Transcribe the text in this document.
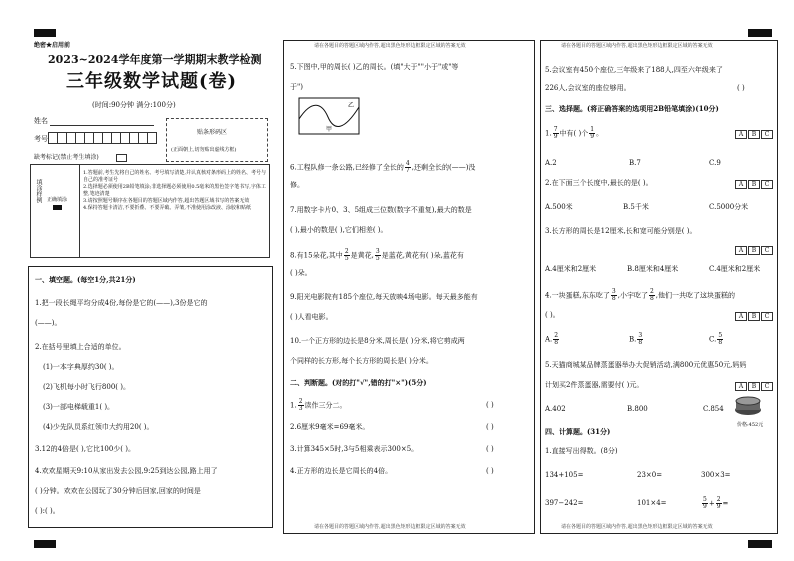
绝密★启用前
2023~2024学年度第一学期期末教学检测
三年级数学试题(卷)
(时间:90分钟 满分:100分)
姓名
考号
缺考标记(禁止考生填涂)
贴条形码区
(正面朝上,切勿贴出虚线方框)
填涂样例 正确填涂
1.答题前,考生先将自己的姓名、考号填写清楚,并认真核对条形码上的姓名、考号与自己的准考证号
2.选择题必须使用2B铅笔填涂;非选择题必须使用0.5毫米的黑色签字笔书写,字体工整,笔迹清楚
3.请按照题号顺序在各题目的答题区域内作答,超出答题区域书写的答案无效
4.保持答题卡清洁,不要折叠、不要弄破、弄皱,不准使用涂改液、涂胶和贴纸
一、填空题。(每空1分,共21分)
1.把一段长绳平均分成4份,每份是它的(——),3份是它的
(——)。
2.在括号里填上合适的单位。
(1)一本字典厚约30( )。
(2)飞机每小时飞行800( )。
(3)一部电梯载重1( )。
(4)少先队员系红领巾大约用20( )。
3.12的4倍是( ),它比100少( )。
4.欢欢星期天9:10从家出发去公园,9:25到达公园,路上用了
( )分钟。欢欢在公园玩了30分钟后回家,回家的时间是
( ):( )。
请在各题目的答题区域内作答,超出黑色矩形边框限定区域的答案无效
5.下图中,甲的周长( )乙的周长。(填"大于""小于"或"等
于")
甲
乙
6.工程队修一条公路,已经修了全长的 $\frac{4}{7}$ ,还剩全长的(——)没
修。
7.用数字卡片0、3、5组成三位数(数字不重复),最大的数是
( ),最小的数是( ),它们相差( )。
8.有15朵花,其中 $\frac{2}{5}$ 是黄花, $\frac{3}{5}$ 是蓝花,黄花有( )朵,蓝花有
( )朵。
9.阳光电影院有185个座位,每天放映4场电影。每天最多能有
( )人看电影。
10.一个正方形的边长是8分米,周长是( )分米,将它剪成两
个同样的长方形,每个长方形的周长是( )分米。
二、判断题。(对的打"√",错的打"×")(5分)
1. $\frac{2}{3}$ 读作三分二。	( )
2.6厘米9毫米=69毫米。	( )
3.计算345×5时,3与5相乘表示300×5。	( )
4.正方形的边长是它周长的4倍。	( )
请在各题目的答题区域内作答,超出黑色矩形边框限定区域的答案无效
请在各题目的答题区域内作答,超出黑色矩形边框限定区域的答案无效
5.会议室有450个座位,三年级来了188人,四至六年级来了
226人,会议室的座位够用。	( )
三、选择题。(将正确答案的选项用2B铅笔填涂)(10分)
1. $\frac{7}{9}$ 中有( )个 $\frac{1}{9}$ 。	A	B	C
A.2	B.7	C.9
2.在下面三个长度中,最长的是( )。	A	B	C
A.500米	B.5千米	C.5000分米
3.长方形的周长是12厘米,长和宽可能分别是( )。
A	B	C
A.4厘米和2厘米	B.8厘米和4厘米	C.4厘米和2厘米
4.一块蛋糕,东东吃了 $\frac{3}{8}$ ,小宇吃了 $\frac{2}{8}$ ,他们一共吃了这块蛋糕的
( )。	A	B	C
A. $\frac{2}{8}$	B. $\frac{3}{8}$	C. $\frac{5}{8}$
5.天猫商城某品牌蒸蛋器举办大促销活动,满800元优惠50元,妈妈
计划买2件蒸蛋器,需要付( )元。	A	B	C
A.402	B.800	C.854
价格:452元
四、计算题。(31分)
1.直接写出得数。(8分)
134+105=	23×0=	300×3=
397−242=	101×4=	$\frac{5}{9} + \frac{2}{9}$ =
请在各题目的答题区域内作答,超出黑色矩形边框限定区域的答案无效
